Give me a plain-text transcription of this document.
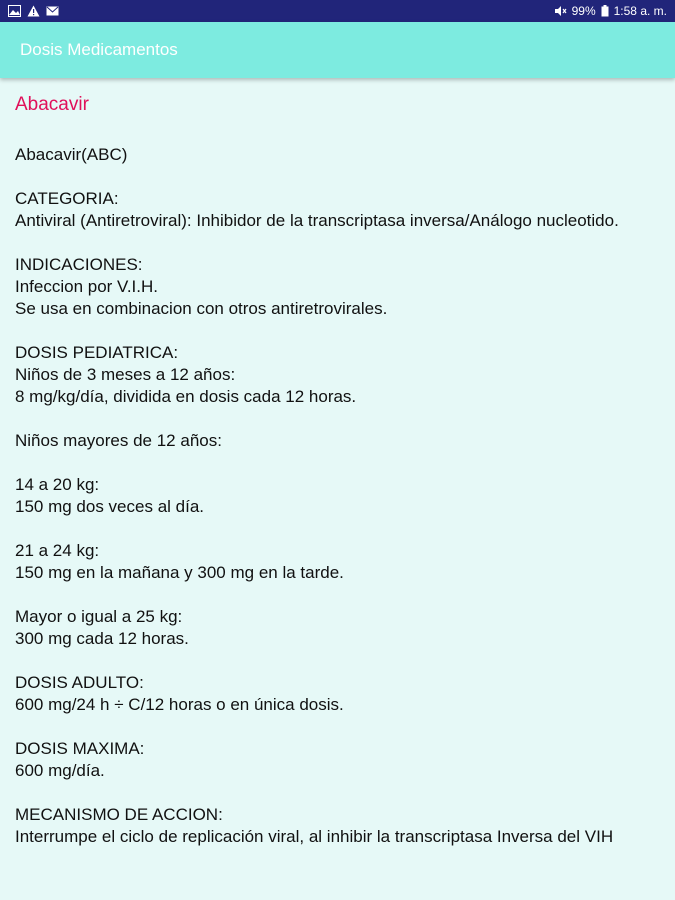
99% 1:58 a. m.
Dosis Medicamentos
Abacavir
Abacavir(ABC)
CATEGORIA:
Antiviral (Antiretroviral): Inhibidor de la transcriptasa inversa/Análogo nucleotido.
INDICACIONES:
Infeccion por V.I.H.
Se usa en combinacion con otros antiretrovirales.
DOSIS PEDIATRICA:
Niños de 3 meses a 12 años:
8 mg/kg/día, dividida en dosis cada 12 horas.
Niños mayores de 12 años:
14 a 20 kg:
150 mg dos veces al día.
21 a 24 kg:
150 mg en la mañana y 300 mg en la tarde.
Mayor o igual a 25 kg:
300 mg cada 12 horas.
DOSIS ADULTO:
600 mg/24 h ÷ C/12 horas o en única dosis.
DOSIS MAXIMA:
600 mg/día.
MECANISMO DE ACCION:
Interrumpe el ciclo de replicación viral, al inhibir la transcriptasa Inversa del VIH
